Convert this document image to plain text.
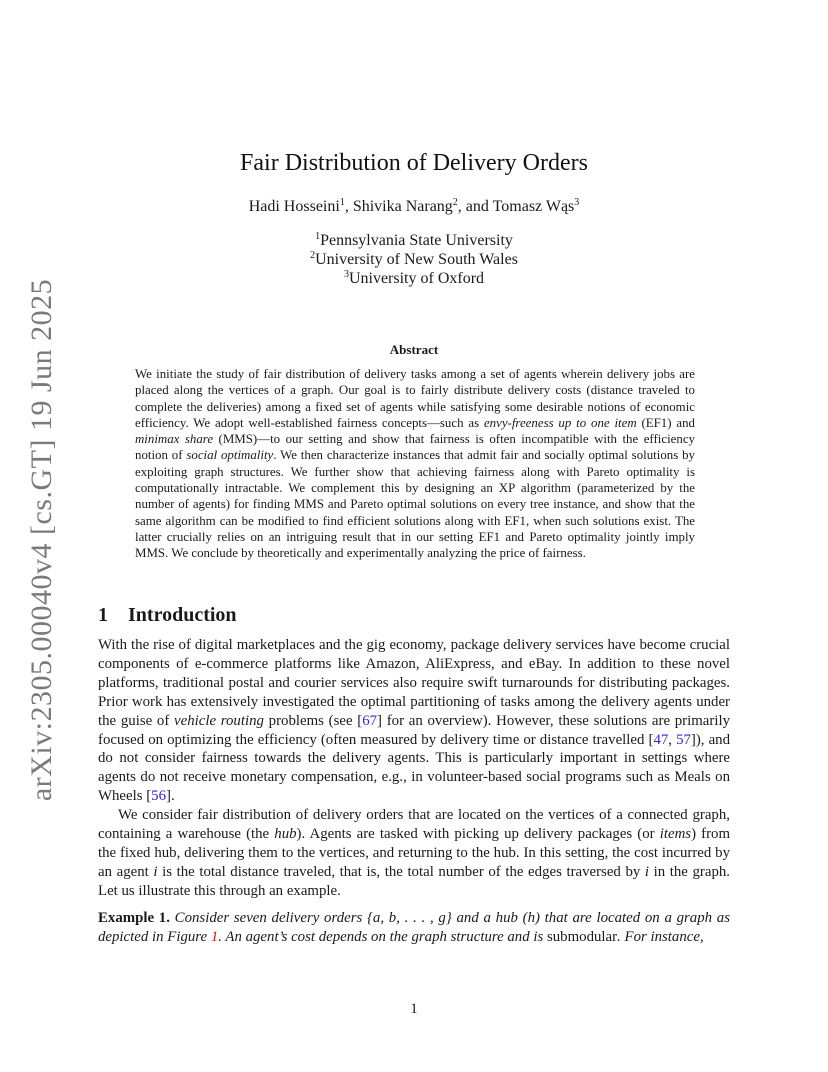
arXiv:2305.00040v4 [cs.GT] 19 Jun 2025
Fair Distribution of Delivery Orders
Hadi Hosseini$^1$, Shivika Narang$^2$, and Tomasz Wąs$^3$
$^1$Pennsylvania State University
$^2$University of New South Wales
$^3$University of Oxford
Abstract
We initiate the study of fair distribution of delivery tasks among a set of agents wherein delivery jobs are placed along the vertices of a graph. Our goal is to fairly distribute delivery costs (distance traveled to complete the deliveries) among a fixed set of agents while satisfying some desirable notions of economic efficiency. We adopt well-established fairness concepts—such as envy-freeness up to one item (EF1) and minimax share (MMS)—to our setting and show that fairness is often incompatible with the efficiency notion of social optimality. We then characterize instances that admit fair and socially optimal solutions by exploiting graph structures. We further show that achieving fairness along with Pareto optimality is computationally intractable. We complement this by designing an XP algorithm (parameterized by the number of agents) for finding MMS and Pareto optimal solutions on every tree instance, and show that the same algorithm can be modified to find efficient solutions along with EF1, when such solutions exist. The latter crucially relies on an intriguing result that in our setting EF1 and Pareto optimality jointly imply MMS. We conclude by theoretically and experimentally analyzing the price of fairness.
1 Introduction

With the rise of digital marketplaces and the gig economy, package delivery services have become crucial components of e-commerce platforms like Amazon, AliExpress, and eBay. In addition to these novel platforms, traditional postal and courier services also require swift turnarounds for distributing packages. Prior work has extensively investigated the optimal partitioning of tasks among the delivery agents under the guise of vehicle routing problems (see [67] for an overview). However, these solutions are primarily focused on optimizing the efficiency (often measured by delivery time or distance travelled [47, 57]), and do not consider fairness towards the delivery agents. This is particularly important in settings where agents do not receive monetary compensation, e.g., in volunteer-based social programs such as Meals on Wheels [56].

We consider fair distribution of delivery orders that are located on the vertices of a connected graph, containing a warehouse (the hub). Agents are tasked with picking up delivery packages (or items) from the fixed hub, delivering them to the vertices, and returning to the hub. In this setting, the cost incurred by an agent i is the total distance traveled, that is, the total number of the edges traversed by i in the graph. Let us illustrate this through an example.

Example 1. Consider seven delivery orders {a, b, . . . , g} and a hub (h) that are located on a graph as depicted in Figure 1. An agent’s cost depends on the graph structure and is submodular. For instance,

1
